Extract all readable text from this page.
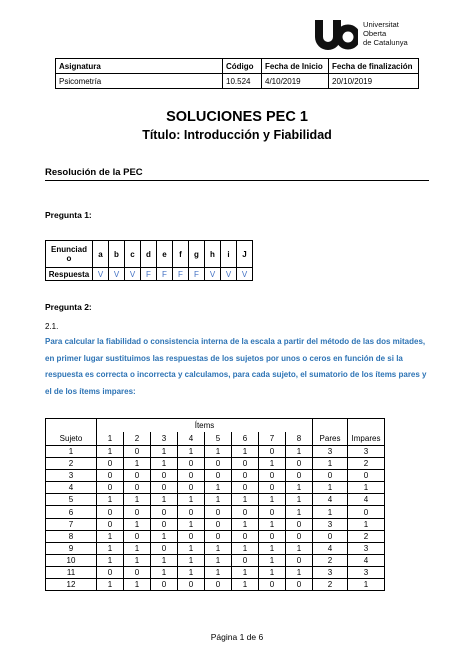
Universitat
Oberta
de Catalunya
Asignatura	Código	Fecha de Inicio	Fecha de finalización
Psicometría	10.524	4/10/2019	20/10/2019
SOLUCIONES PEC 1
Título: Introducción y Fiabilidad
Resolución de la PEC
Pregunta 1:
Enunciad
o	a	b	c	d	e	f	g	h	i	J
Respuesta	V	V	V	F	F	F	F	V	V	V
Pregunta 2:
2.1.
Para calcular la fiabilidad o consistencia interna de la escala a partir del método de las dos mitades, en primer lugar sustituimos las respuestas de los sujetos por unos o ceros en función de si la respuesta es correcta o incorrecta y calculamos, para cada sujeto, el sumatorio de los ítems pares y el de los ítems impares:
	Ítems									
Sujeto	1	2	3	4	5	6	7	8	Pares	Impares
1	1	0	1	1	1	1	0	1	3	3
2	0	1	1	0	0	0	1	0	1	2
3	0	0	0	0	0	0	0	0	0	0
4	0	0	0	0	1	0	0	1	1	1
5	1	1	1	1	1	1	1	1	4	4
6	0	0	0	0	0	0	0	1	1	0
7	0	1	0	1	0	1	1	0	3	1
8	1	0	1	0	0	0	0	0	0	2
9	1	1	0	1	1	1	1	1	4	3
10	1	1	1	1	1	0	1	0	2	4
11	0	0	1	1	1	1	1	1	3	3
12	1	1	0	0	0	1	0	0	2	1
Página 1 de 6
